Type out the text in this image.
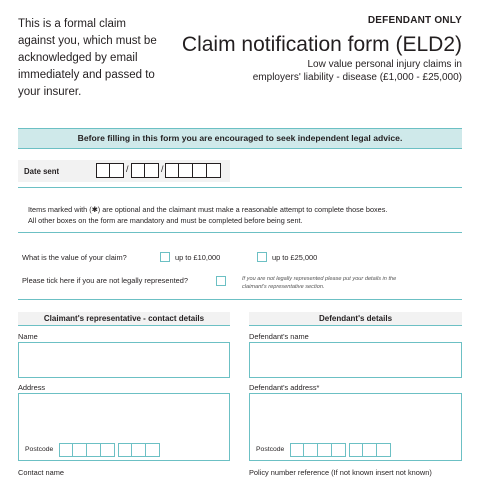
This is a formal claim against you, which must be acknowledged by email immediately and passed to your insurer.
DEFENDANT ONLY
Claim notification form (ELD2)
Low value personal injury claims in
employers' liability - disease (£1,000 - £25,000)
Before filling in this form you are encouraged to seek independent legal advice.
Date sent	/	/
Items marked with (✱) are optional and the claimant must make a reasonable attempt to complete those boxes.
All other boxes on the form are mandatory and must be completed before being sent.
What is the value of your claim?	up to £10,000	up to £25,000
Please tick here if you are not legally represented?	If you are not legally represented please put your details in the
claimant's representative section.
Claimant's representative - contact details
Name
Address
Postcode
Contact name
Defendant's details
Defendant's name
Defendant's address*
Postcode
Policy number reference (If not known insert not known)
